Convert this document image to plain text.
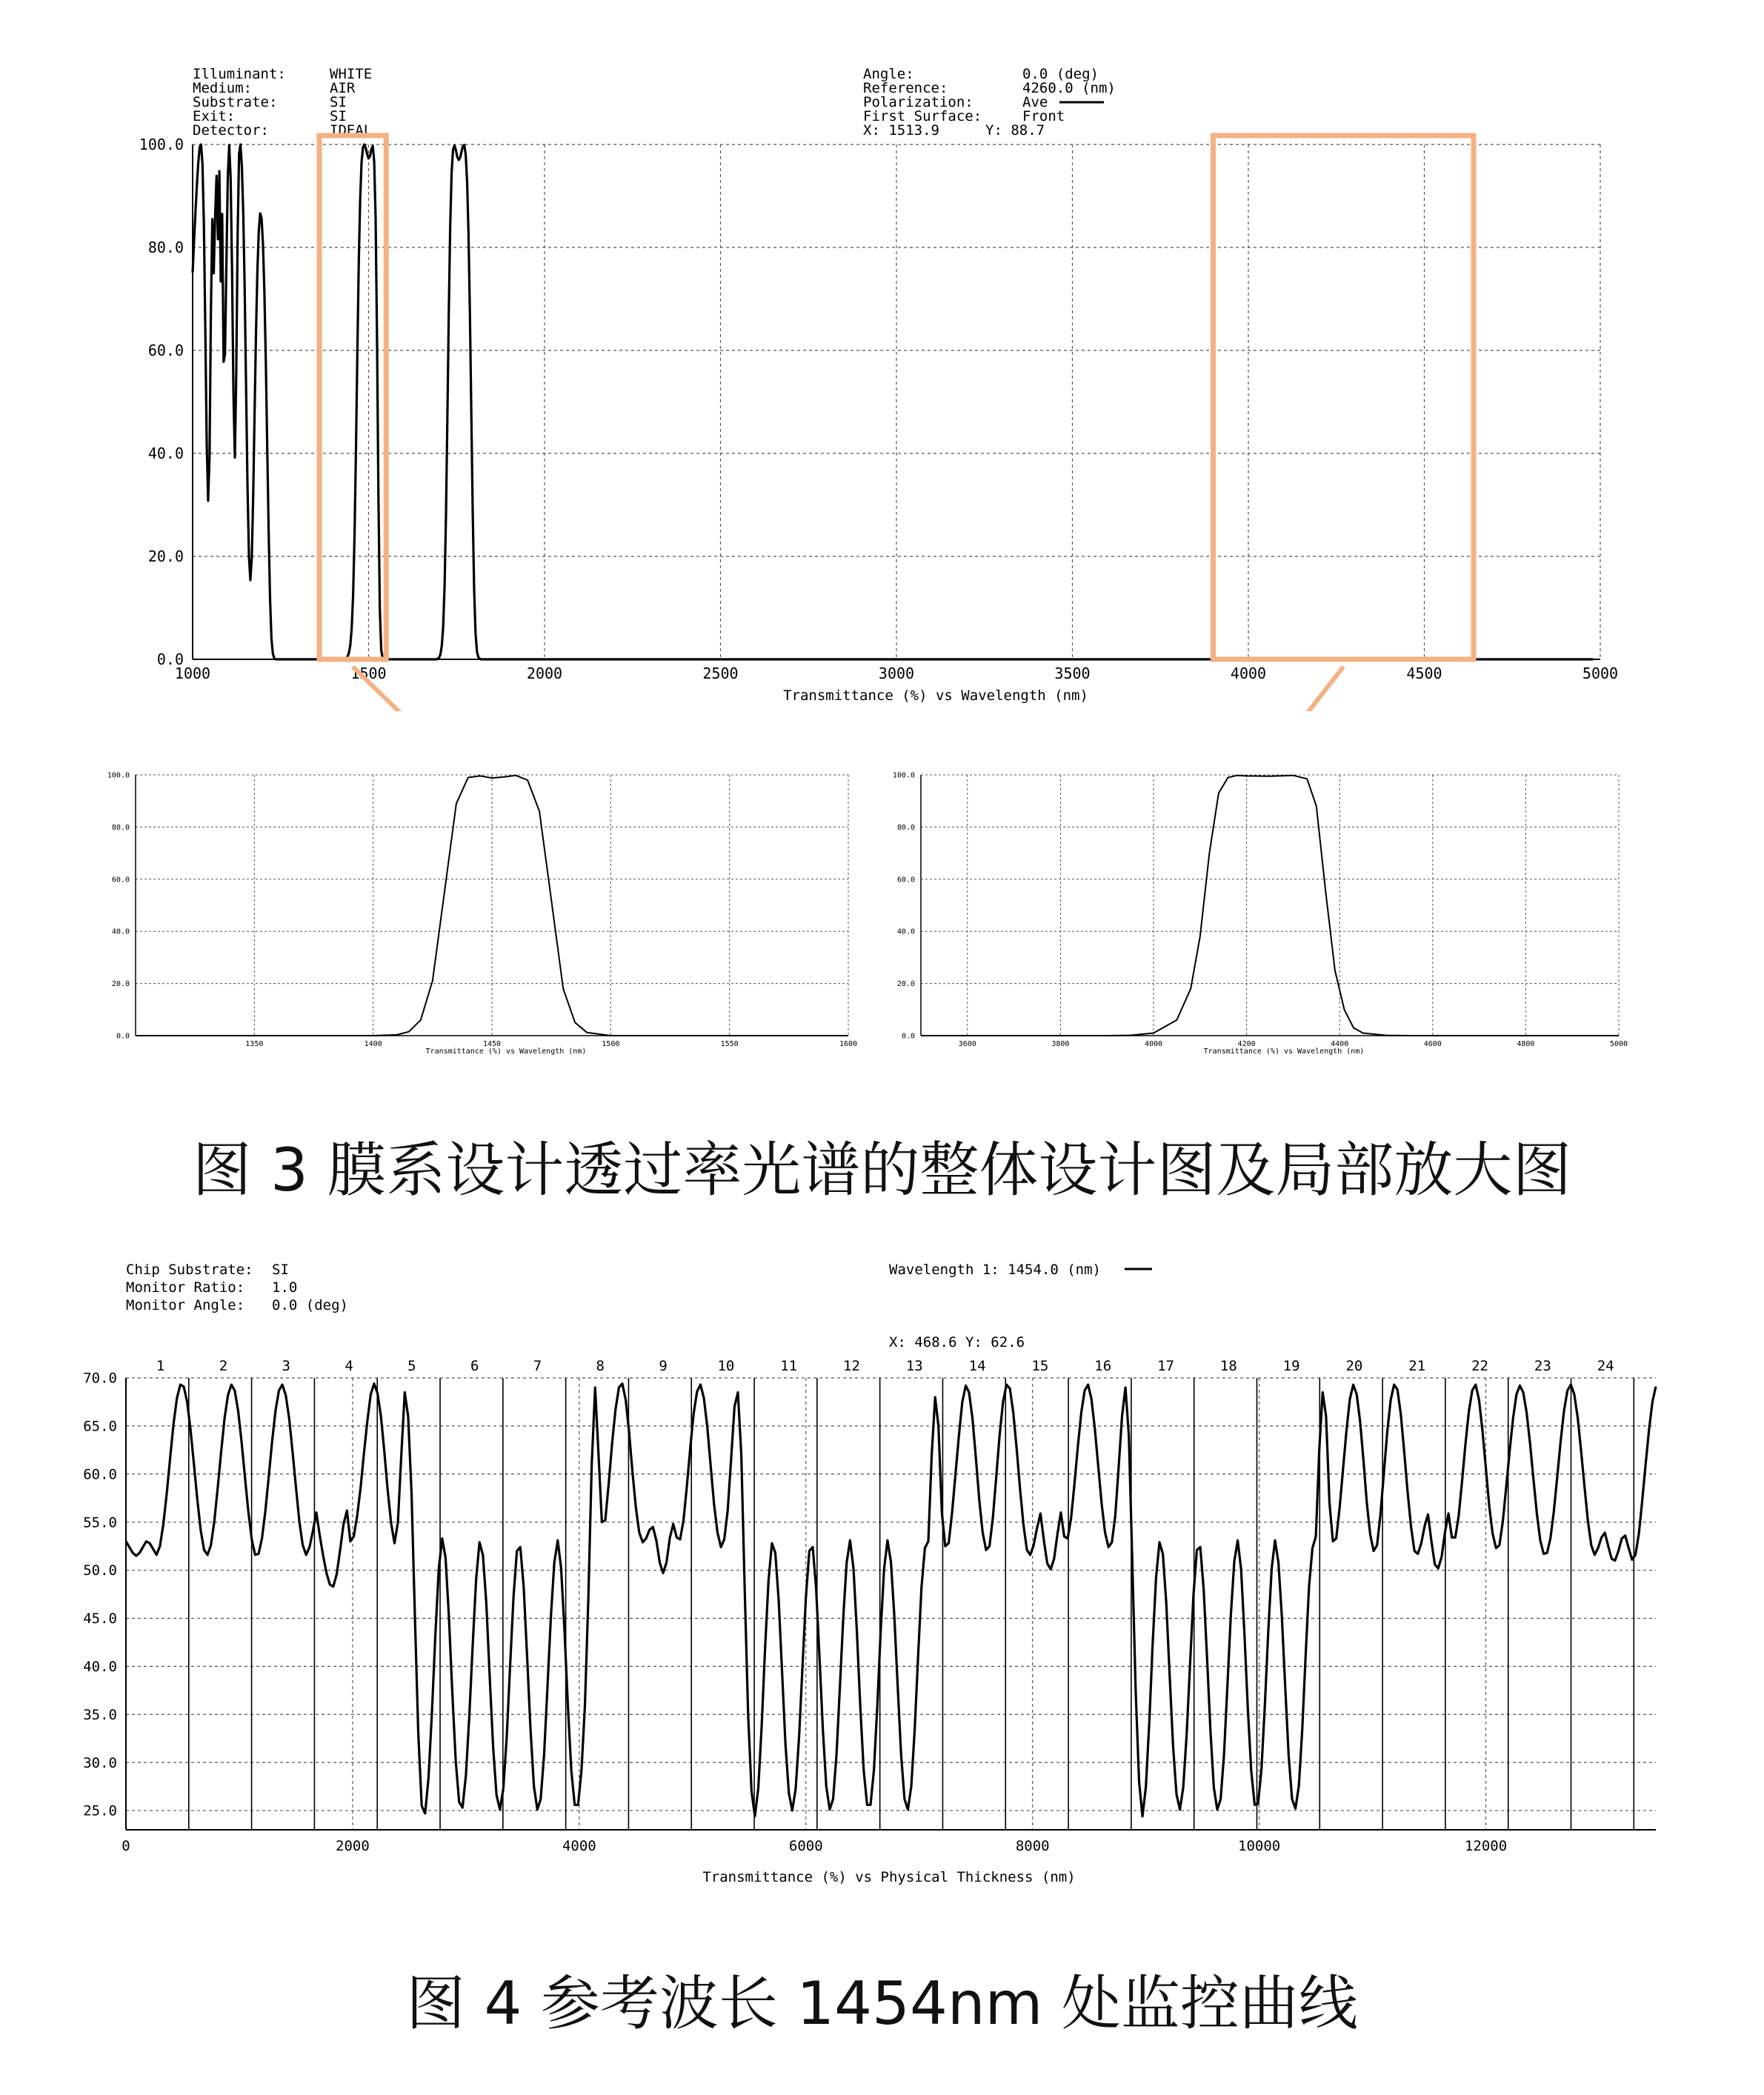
Illuminant:	WHITE
Medium:	AIR
Substrate:	SI
Exit:	SI
Detector:	IDEAL
Angle:	0.0 (deg)
Reference:	4260.0 (nm)
Polarization:	Ave
First Surface:	Front
X: 1513.9	Y: 88.7
0.0
20.0
40.0
60.0
80.0
100.0
1000	1500	2000	2500	3000	3500	4000	4500	5000
Transmittance (%) vs Wavelength (nm)
0.0
20.0
40.0
60.0
80.0
100.0
1350	1400	1450	1500	1550	1600
Transmittance (%) vs Wavelength (nm)
0.0
20.0
40.0
60.0
80.0
100.0
3600	3800	4000	4200	4400	4600	4800	5000
Transmittance (%) vs Wavelength (nm)

图 3 膜系设计透过率光谱的整体设计图及局部放大图

Chip Substrate: SI
Monitor Ratio: 1.0
Monitor Angle: 0.0 (deg)
Wavelength 1: 1454.0 (nm)
X: 468.6 Y: 62.6
1	2	3	4	5	6	7	8	9	10	11	12	13	14	15	16	17	18	19	20	21	22	23	24
25.0
30.0
35.0
40.0
45.0
50.0
55.0
60.0
65.0
70.0
0	2000	4000	6000	8000	10000	12000
Transmittance (%) vs Physical Thickness (nm)

图 4 参考波长 1454nm 处监控曲线
